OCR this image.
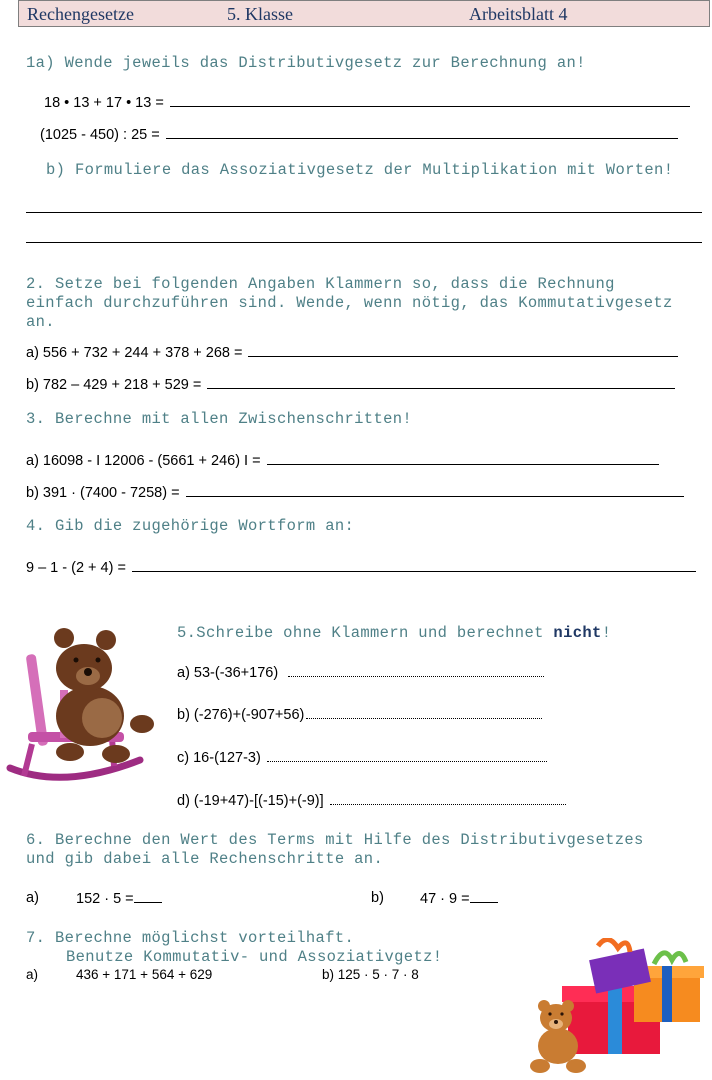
Rechengesetze	5. Klasse	Arbeitsblatt 4
1a) Wende jeweils das Distributivgesetz zur Berechnung an!
18 • 13 + 17 • 13 =
(1025 - 450) : 25 =
b) Formuliere das Assoziativgesetz der Multiplikation mit Worten!
2. Setze bei folgenden Angaben Klammern so, dass die Rechnung
einfach durchzuführen sind. Wende, wenn nötig, das Kommutativgesetz
an.
a) 556 + 732 + 244 + 378 + 268 =
b) 782 – 429 + 218 + 529 =
3. Berechne mit allen Zwischenschritten!
a) 16098 - I 12006 - (5661 + 246) I =
b) 391 · (7400 - 7258) =
4. Gib die zugehörige Wortform an:
9 – 1 - (2 + 4) =
5.Schreibe ohne Klammern und berechnet nicht!
a) 53-(-36+176)
b) (-276)+(-907+56)
c) 16-(127-3)
d) (-19+47)-[(-15)+(-9)]
6. Berechne den Wert des Terms mit Hilfe des Distributivgesetzes
und gib dabei alle Rechenschritte an.
a)	152 · 5 =	b) 47 · 9 =
7. Berechne möglichst vorteilhaft.
Benutze Kommutativ- und Assoziativgetz!
a)	436 + 171 + 564 + 629	b) 125 · 5 · 7 · 8
